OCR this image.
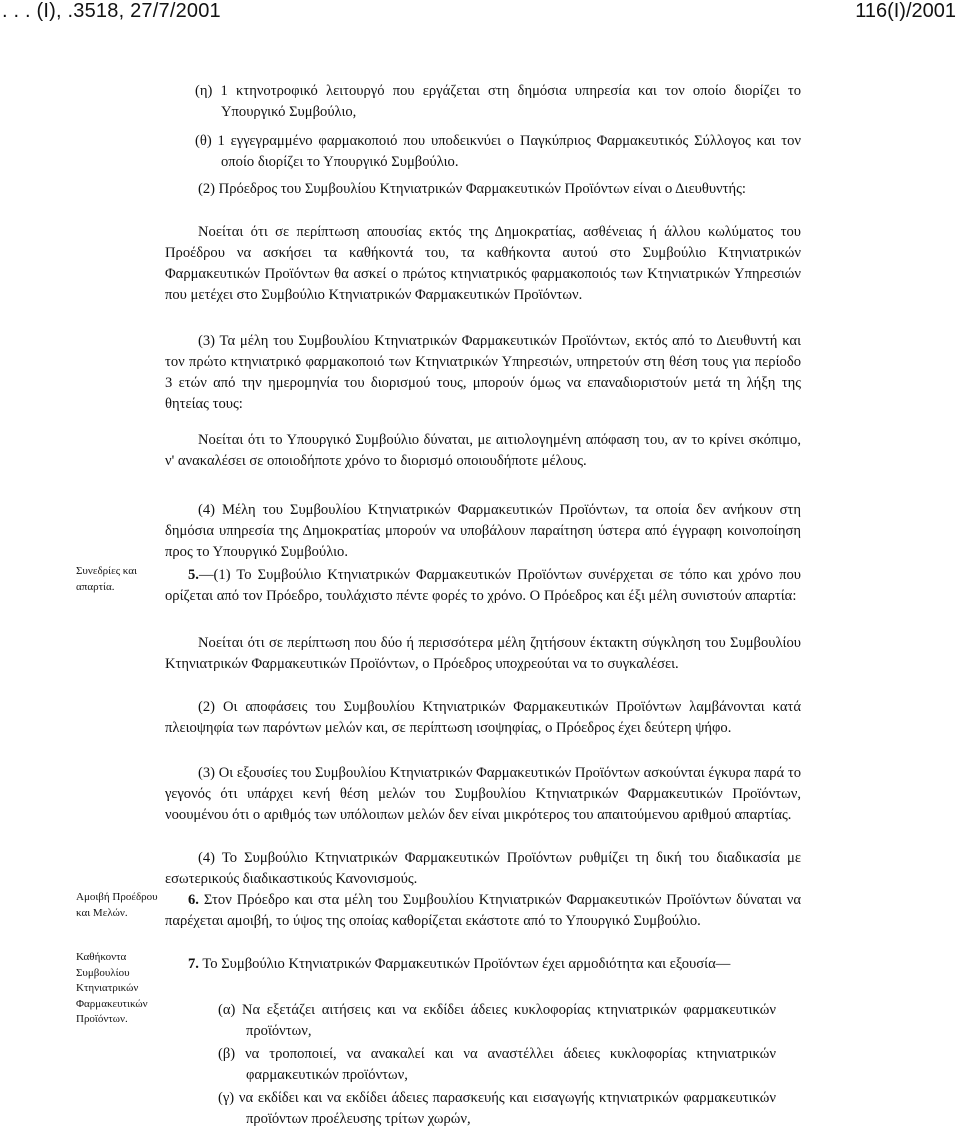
. . . (Ι), .3518, 27/7/2001	116(Ι)/2001

(η) 1 κτηνοτροφικό λειτουργό που εργάζεται στη δημόσια υπηρεσία και τον οποίο διορίζει το Υπουργικό Συμβούλιο,

(θ) 1 εγγεγραμμένο φαρμακοποιό που υποδεικνύει ο Παγκύπριος Φαρμακευτικός Σύλλογος και τον οποίο διορίζει το Υπουργικό Συμβούλιο.

(2) Πρόεδρος του Συμβουλίου Κτηνιατρικών Φαρμακευτικών Προϊόντων είναι ο Διευθυντής:

Νοείται ότι σε περίπτωση απουσίας εκτός της Δημοκρατίας, ασθένειας ή άλλου κωλύματος του Προέδρου να ασκήσει τα καθήκοντά του, τα καθήκοντα αυτού στο Συμβούλιο Κτηνιατρικών Φαρμακευτικών Προϊόντων θα ασκεί ο πρώτος κτηνιατρικός φαρμακοποιός των Κτηνιατρικών Υπηρεσιών που μετέχει στο Συμβούλιο Κτηνιατρικών Φαρμακευτικών Προϊόντων.

(3) Τα μέλη του Συμβουλίου Κτηνιατρικών Φαρμακευτικών Προϊόντων, εκτός από το Διευθυντή και τον πρώτο κτηνιατρικό φαρμακοποιό των Κτηνιατρικών Υπηρεσιών, υπηρετούν στη θέση τους για περίοδο 3 ετών από την ημερομηνία του διορισμού τους, μπορούν όμως να επαναδιοριστούν μετά τη λήξη της θητείας τους:

Νοείται ότι το Υπουργικό Συμβούλιο δύναται, με αιτιολογημένη απόφαση του, αν το κρίνει σκόπιμο, ν' ανακαλέσει σε οποιοδήποτε χρόνο το διορισμό οποιουδήποτε μέλους.

(4) Μέλη του Συμβουλίου Κτηνιατρικών Φαρμακευτικών Προϊόντων, τα οποία δεν ανήκουν στη δημόσια υπηρεσία της Δημοκρατίας μπορούν να υποβάλουν παραίτηση ύστερα από έγγραφη κοινοποίηση προς το Υπουργικό Συμβούλιο.

Συνεδρίες και απαρτία.

Αμοιβή Προέδρου και Μελών.

Καθήκοντα Συμβουλίου Κτηνιατρικών Φαρμακευτικών Προϊόντων.

5.—(1) Το Συμβούλιο Κτηνιατρικών Φαρμακευτικών Προϊόντων συνέρχεται σε τόπο και χρόνο που ορίζεται από τον Πρόεδρο, τουλάχιστο πέντε φορές το χρόνο. Ο Πρόεδρος και έξι μέλη συνιστούν απαρτία:

Νοείται ότι σε περίπτωση που δύο ή περισσότερα μέλη ζητήσουν έκτακτη σύγκληση του Συμβουλίου Κτηνιατρικών Φαρμακευτικών Προϊόντων, ο Πρόεδρος υποχρεούται να το συγκαλέσει.

(2) Οι αποφάσεις του Συμβουλίου Κτηνιατρικών Φαρμακευτικών Προϊόντων λαμβάνονται κατά πλειοψηφία των παρόντων μελών και, σε περίπτωση ισοψηφίας, ο Πρόεδρος έχει δεύτερη ψήφο.

(3) Οι εξουσίες του Συμβουλίου Κτηνιατρικών Φαρμακευτικών Προϊόντων ασκούνται έγκυρα παρά το γεγονός ότι υπάρχει κενή θέση μελών του Συμβουλίου Κτηνιατρικών Φαρμακευτικών Προϊόντων, νοουμένου ότι ο αριθμός των υπόλοιπων μελών δεν είναι μικρότερος του απαιτούμενου αριθμού απαρτίας.

(4) Το Συμβούλιο Κτηνιατρικών Φαρμακευτικών Προϊόντων ρυθμίζει τη δική του διαδικασία με εσωτερικούς διαδικαστικούς Κανονισμούς.

6. Στον Πρόεδρο και στα μέλη του Συμβουλίου Κτηνιατρικών Φαρμακευτικών Προϊόντων δύναται να παρέχεται αμοιβή, το ύψος της οποίας καθορίζεται εκάστοτε από το Υπουργικό Συμβούλιο.

7. Το Συμβούλιο Κτηνιατρικών Φαρμακευτικών Προϊόντων έχει αρμοδιότητα και εξουσία—

(α) Να εξετάζει αιτήσεις και να εκδίδει άδειες κυκλοφορίας κτηνιατρικών φαρμακευτικών προϊόντων,

(β) να τροποποιεί, να ανακαλεί και να αναστέλλει άδειες κυκλοφορίας κτηνιατρικών φαρμακευτικών προϊόντων,

(γ) να εκδίδει και να εκδίδει άδειες παρασκευής και εισαγωγής κτηνιατρικών φαρμακευτικών προϊόντων προέλευσης τρίτων χωρών,
